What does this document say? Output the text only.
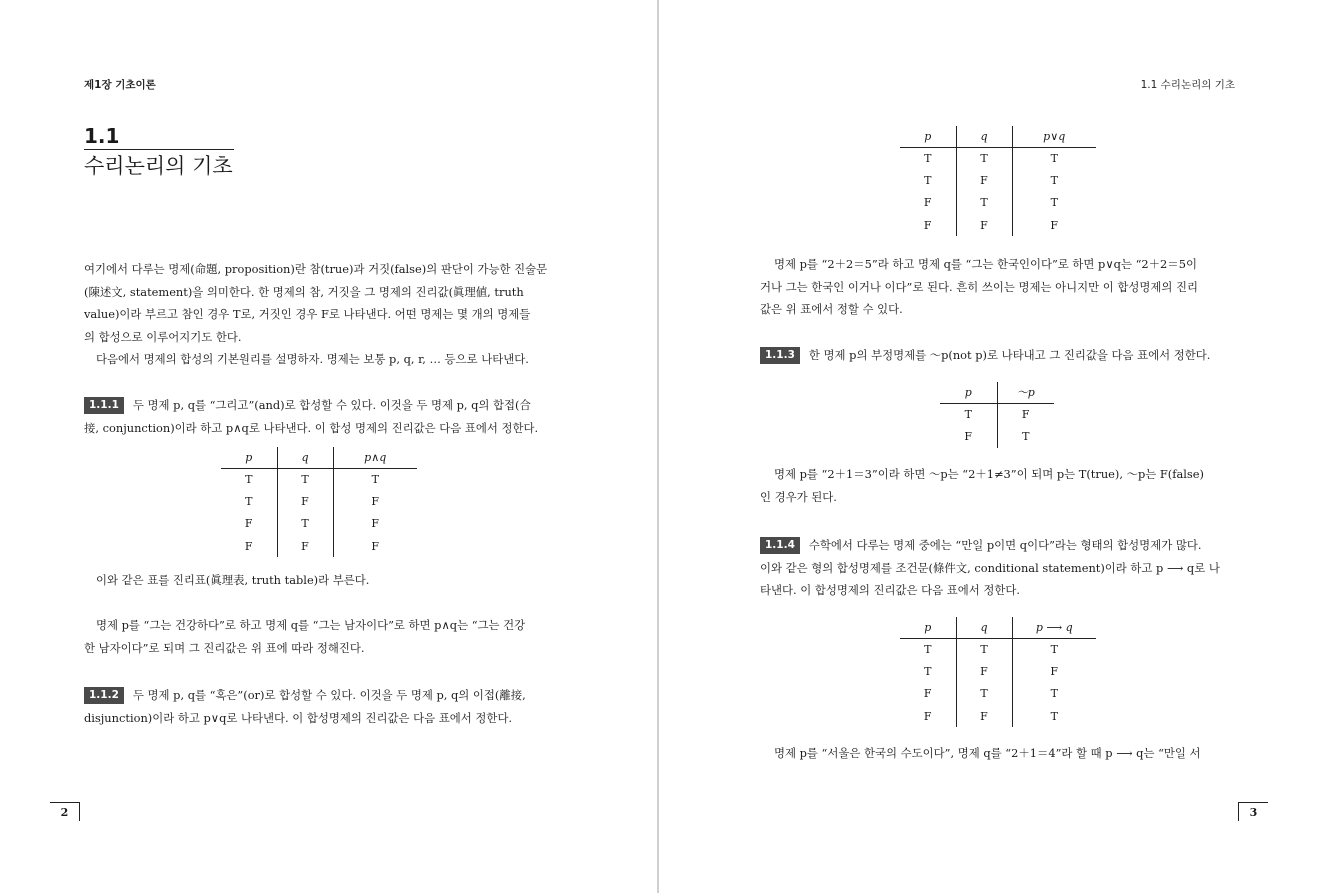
제1장 기초이론
1.1
수리논리의 기초
여기에서 다루는 명제(命題, proposition)란 참(true)과 거짓(false)의 판단이 가능한 진술문
(陳述文, statement)을 의미한다. 한 명제의 참, 거짓을 그 명제의 진리값(眞理値, truth
value)이라 부르고 참인 경우 T로, 거짓인 경우 F로 나타낸다. 어떤 명제는 몇 개의 명제들
의 합성으로 이루어지기도 한다.
다음에서 명제의 합성의 기본원리를 설명하자. 명제는 보통 p, q, r, … 등으로 나타낸다.
1.1.1 두 명제 p, q를 “그리고”(and)로 합성할 수 있다. 이것을 두 명제 p, q의 합접(合
接, conjunction)이라 하고 p∧q로 나타낸다. 이 합성 명제의 진리값은 다음 표에서 정한다.
p	q	p∧q
T	T	T
T	F	F
F	T	F
F	F	F
이와 같은 표를 진리표(眞理表, truth table)라 부른다.
명제 p를 “그는 건강하다”로 하고 명제 q를 “그는 남자이다”로 하면 p∧q는 “그는 건강
한 남자이다”로 되며 그 진리값은 위 표에 따라 정해진다.
1.1.2 두 명제 p, q를 “혹은”(or)로 합성할 수 있다. 이것을 두 명제 p, q의 이접(離接,
disjunction)이라 하고 p∨q로 나타낸다. 이 합성명제의 진리값은 다음 표에서 정한다.
2
1.1 수리논리의 기초
p	q	p∨q
T	T	T
T	F	T
F	T	T
F	F	F
명제 p를 “2＋2＝5”라 하고 명제 q를 “그는 한국인이다”로 하면 p∨q는 “2＋2＝5이
거나 그는 한국인 이거나 이다”로 된다. 흔히 쓰이는 명제는 아니지만 이 합성명제의 진리
값은 위 표에서 정할 수 있다.
1.1.3 한 명제 p의 부정명제를 ～p(not p)로 나타내고 그 진리값을 다음 표에서 정한다.
p	～p
T	F
F	T
명제 p를 “2＋1＝3”이라 하면 ～p는 “2＋1≠3”이 되며 p는 T(true), ～p는 F(false)
인 경우가 된다.
1.1.4 수학에서 다루는 명제 중에는 “만일 p이면 q이다”라는 형태의 합성명제가 많다.
이와 같은 형의 합성명제를 조건문(條件文, conditional statement)이라 하고 p ⟶ q로 나
타낸다. 이 합성명제의 진리값은 다음 표에서 정한다.
p	q	p ⟶ q
T	T	T
T	F	F
F	T	T
F	F	T
명제 p를 “서울은 한국의 수도이다”, 명제 q를 “2＋1＝4”라 할 때 p ⟶ q는 “만일 서
3
